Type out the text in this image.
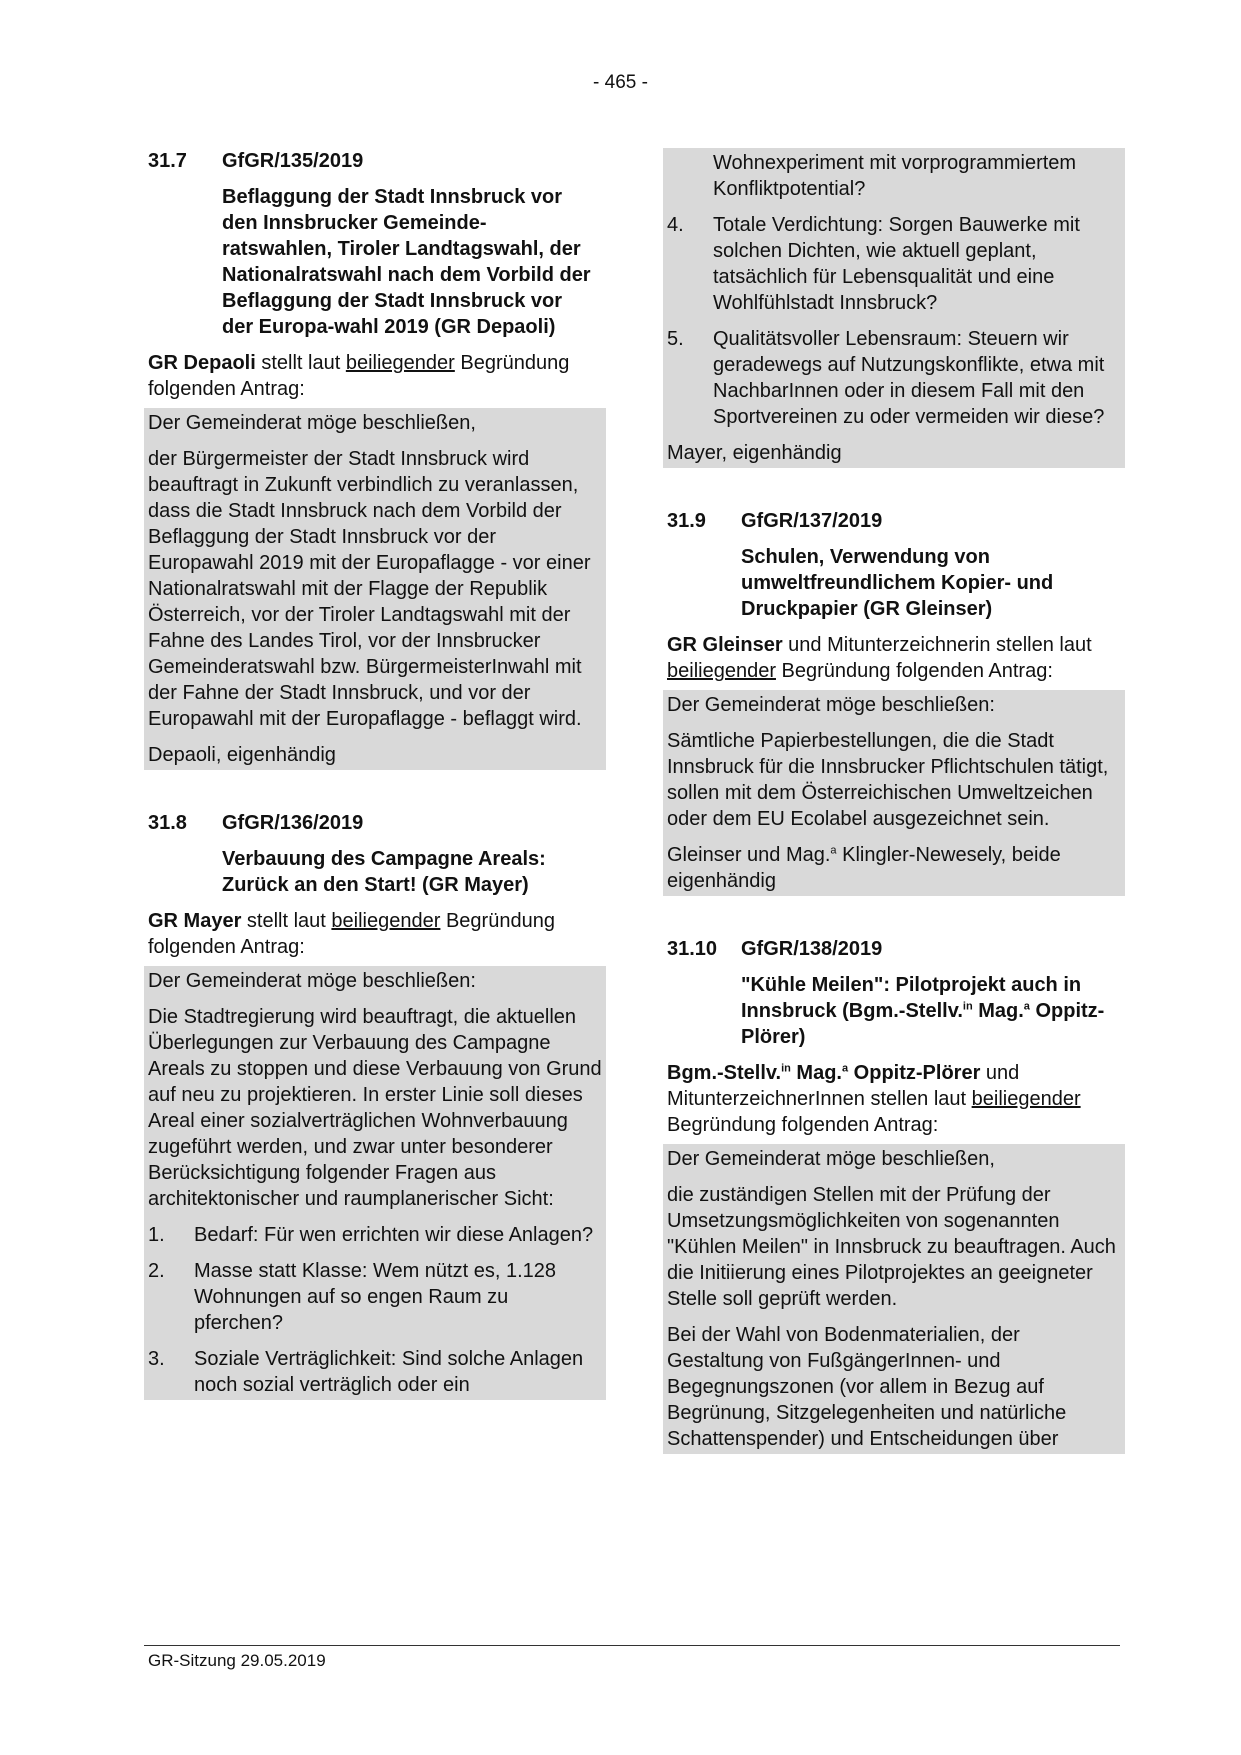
- 465 -
31.7	GfGR/135/2019
Beflaggung der Stadt Innsbruck vor den Innsbrucker Gemeinde-ratswahlen, Tiroler Landtagswahl, der Nationalratswahl nach dem Vorbild der Beflaggung der Stadt Innsbruck vor der Europa-wahl 2019 (GR Depaoli)
GR Depaoli stellt laut beiliegender Begründung folgenden Antrag:

Der Gemeinderat möge beschließen,

der Bürgermeister der Stadt Innsbruck wird beauftragt in Zukunft verbindlich zu veranlassen, dass die Stadt Innsbruck nach dem Vorbild der Beflaggung der Stadt Innsbruck vor der Europawahl 2019 mit der Europaflagge - vor einer Nationalratswahl mit der Flagge der Republik Österreich, vor der Tiroler Landtagswahl mit der Fahne des Landes Tirol, vor der Innsbrucker Gemeinderatswahl bzw. BürgermeisterInwahl mit der Fahne der Stadt Innsbruck, und vor der Europawahl mit der Europaflagge - beflaggt wird.

Depaoli, eigenhändig

31.8	GfGR/136/2019
Verbauung des Campagne Areals: Zurück an den Start! (GR Mayer)
GR Mayer stellt laut beiliegender Begründung folgenden Antrag:

Der Gemeinderat möge beschließen:

Die Stadtregierung wird beauftragt, die aktuellen Überlegungen zur Verbauung des Campagne Areals zu stoppen und diese Verbauung von Grund auf neu zu projektieren. In erster Linie soll dieses Areal einer sozialverträglichen Wohnverbauung zugeführt werden, und zwar unter besonderer Berücksichtigung folgender Fragen aus architektonischer und raumplanerischer Sicht:

1.	Bedarf: Für wen errichten wir diese Anlagen?
2.	Masse statt Klasse: Wem nützt es, 1.128 Wohnungen auf so engen Raum zu pferchen?
3.	Soziale Verträglichkeit: Sind solche Anlagen noch sozial verträglich oder ein
Wohnexperiment mit vorprogrammiertem Konfliktpotential?
4.	Totale Verdichtung: Sorgen Bauwerke mit solchen Dichten, wie aktuell geplant, tatsächlich für Lebensqualität und eine Wohlfühlstadt Innsbruck?
5.	Qualitätsvoller Lebensraum: Steuern wir geradewegs auf Nutzungskonflikte, etwa mit NachbarInnen oder in diesem Fall mit den Sportvereinen zu oder vermeiden wir diese?

Mayer, eigenhändig

31.9	GfGR/137/2019
Schulen, Verwendung von umweltfreundlichem Kopier- und Druckpapier (GR Gleinser)
GR Gleinser und Mitunterzeichnerin stellen laut beiliegender Begründung folgenden Antrag:

Der Gemeinderat möge beschließen:

Sämtliche Papierbestellungen, die die Stadt Innsbruck für die Innsbrucker Pflichtschulen tätigt, sollen mit dem Österreichischen Umweltzeichen oder dem EU Ecolabel ausgezeichnet sein.

Gleinser und Mag.$^a$ Klingler-Newesely, beide eigenhändig

31.10	GfGR/138/2019
"Kühle Meilen": Pilotprojekt auch in Innsbruck (Bgm.-Stellv.$^{in}$ Mag.$^a$ Oppitz-Plörer)
Bgm.-Stellv.$^{in}$ Mag.$^a$ Oppitz-Plörer und MitunterzeichnerInnen stellen laut beiliegender Begründung folgenden Antrag:

Der Gemeinderat möge beschließen,

die zuständigen Stellen mit der Prüfung der Umsetzungsmöglichkeiten von sogenannten "Kühlen Meilen" in Innsbruck zu beauftragen. Auch die Initiierung eines Pilotprojektes an geeigneter Stelle soll geprüft werden.

Bei der Wahl von Bodenmaterialien, der Gestaltung von FußgängerInnen- und Begegnungszonen (vor allem in Bezug auf Begrünung, Sitzgelegenheiten und natürliche Schattenspender) und Entscheidungen über

GR-Sitzung 29.05.2019
